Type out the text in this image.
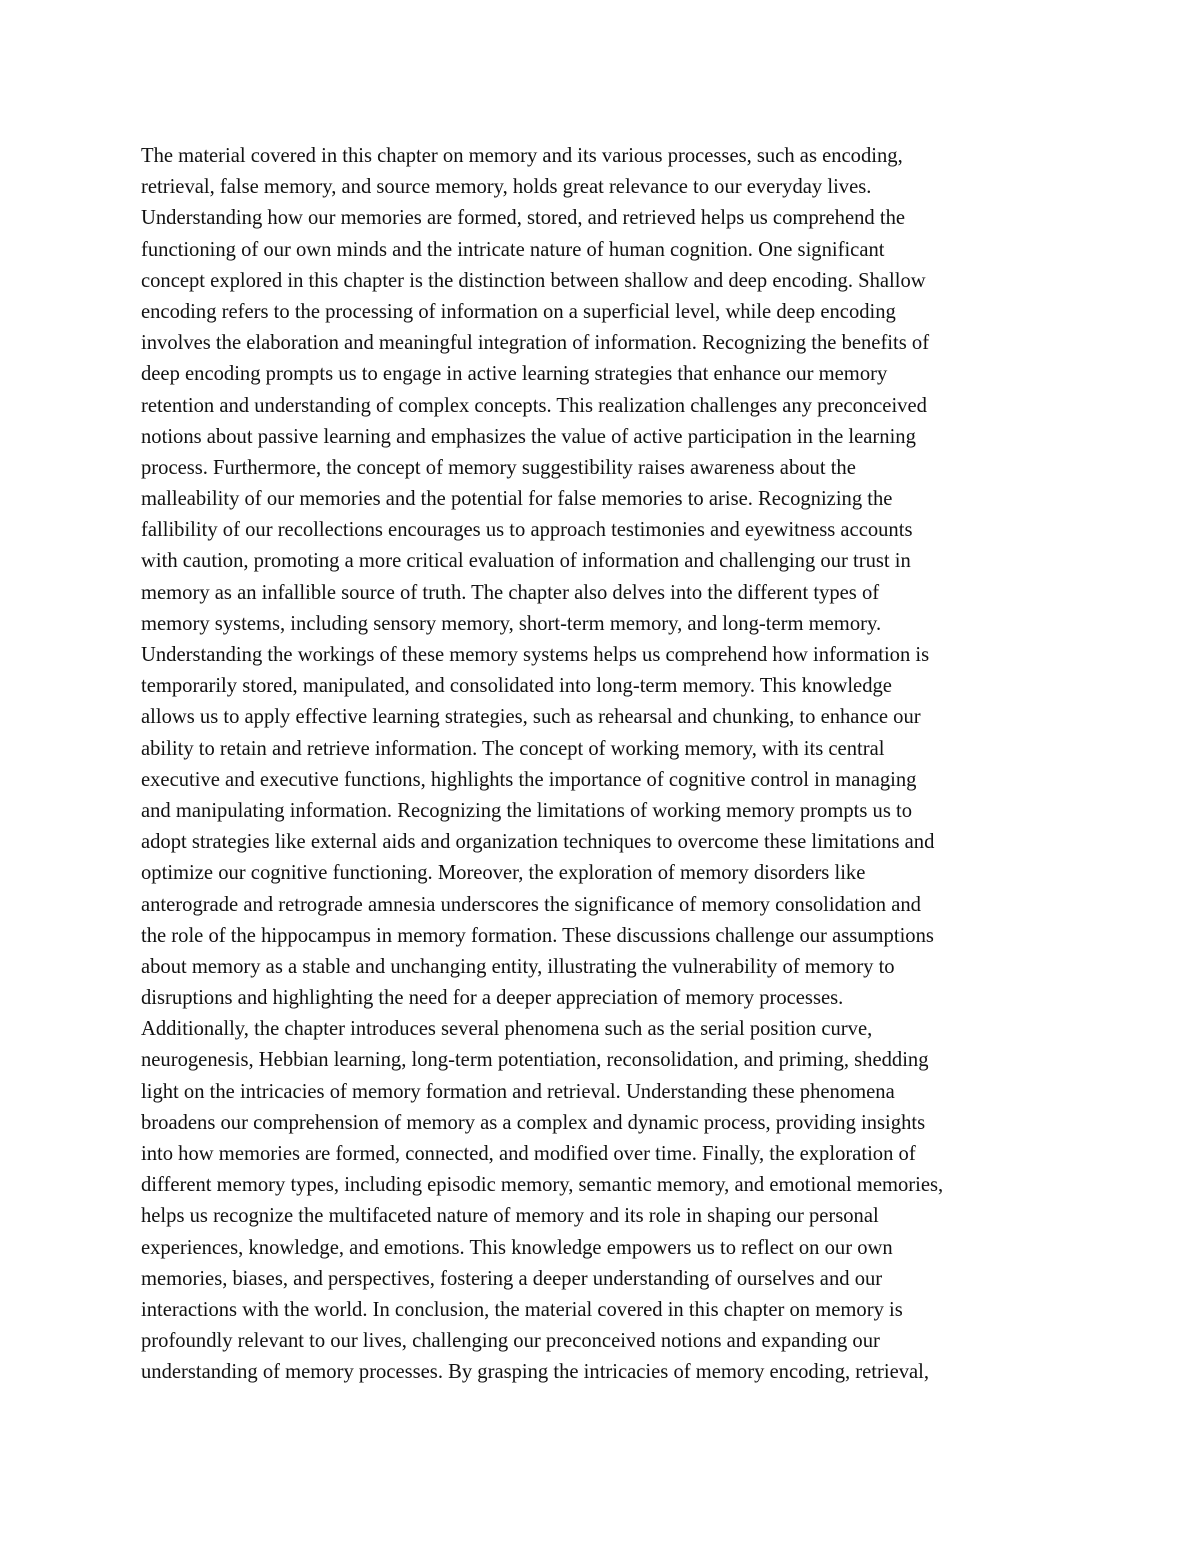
The material covered in this chapter on memory and its various processes, such as encoding,
retrieval, false memory, and source memory, holds great relevance to our everyday lives.
Understanding how our memories are formed, stored, and retrieved helps us comprehend the
functioning of our own minds and the intricate nature of human cognition. One significant
concept explored in this chapter is the distinction between shallow and deep encoding. Shallow
encoding refers to the processing of information on a superficial level, while deep encoding
involves the elaboration and meaningful integration of information. Recognizing the benefits of
deep encoding prompts us to engage in active learning strategies that enhance our memory
retention and understanding of complex concepts. This realization challenges any preconceived
notions about passive learning and emphasizes the value of active participation in the learning
process. Furthermore, the concept of memory suggestibility raises awareness about the
malleability of our memories and the potential for false memories to arise. Recognizing the
fallibility of our recollections encourages us to approach testimonies and eyewitness accounts
with caution, promoting a more critical evaluation of information and challenging our trust in
memory as an infallible source of truth. The chapter also delves into the different types of
memory systems, including sensory memory, short-term memory, and long-term memory.
Understanding the workings of these memory systems helps us comprehend how information is
temporarily stored, manipulated, and consolidated into long-term memory. This knowledge
allows us to apply effective learning strategies, such as rehearsal and chunking, to enhance our
ability to retain and retrieve information. The concept of working memory, with its central
executive and executive functions, highlights the importance of cognitive control in managing
and manipulating information. Recognizing the limitations of working memory prompts us to
adopt strategies like external aids and organization techniques to overcome these limitations and
optimize our cognitive functioning. Moreover, the exploration of memory disorders like
anterograde and retrograde amnesia underscores the significance of memory consolidation and
the role of the hippocampus in memory formation. These discussions challenge our assumptions
about memory as a stable and unchanging entity, illustrating the vulnerability of memory to
disruptions and highlighting the need for a deeper appreciation of memory processes.
Additionally, the chapter introduces several phenomena such as the serial position curve,
neurogenesis, Hebbian learning, long-term potentiation, reconsolidation, and priming, shedding
light on the intricacies of memory formation and retrieval. Understanding these phenomena
broadens our comprehension of memory as a complex and dynamic process, providing insights
into how memories are formed, connected, and modified over time. Finally, the exploration of
different memory types, including episodic memory, semantic memory, and emotional memories,
helps us recognize the multifaceted nature of memory and its role in shaping our personal
experiences, knowledge, and emotions. This knowledge empowers us to reflect on our own
memories, biases, and perspectives, fostering a deeper understanding of ourselves and our
interactions with the world. In conclusion, the material covered in this chapter on memory is
profoundly relevant to our lives, challenging our preconceived notions and expanding our
understanding of memory processes. By grasping the intricacies of memory encoding, retrieval,
